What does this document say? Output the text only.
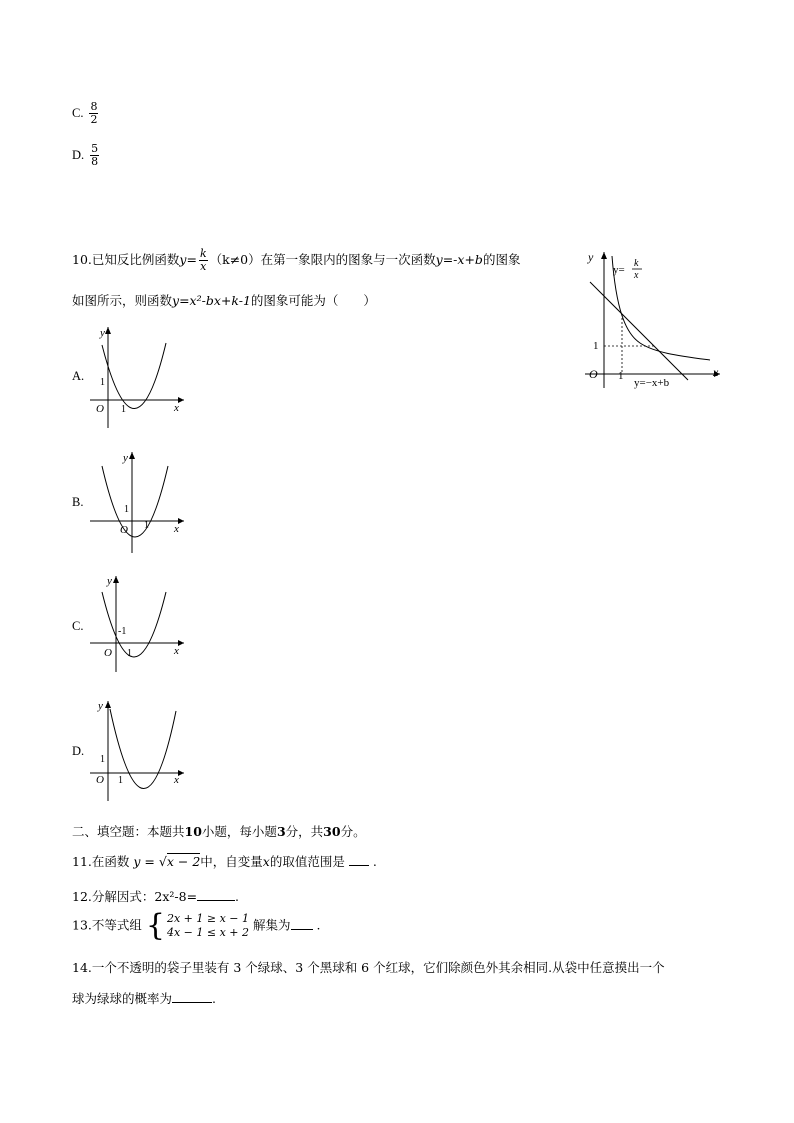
C. $\frac{8}{2}$
D. $\frac{5}{8}$
10.已知反比例函数$y= \frac{k}{x} (k\ne 0)$在第一象限内的图象与一次函数y=-x+b的图象
如图所示，则函数y=x²-bx+k-1的图象可能为（　　）
y
x
O 1
1
y=
k
x
y=−x+b
A.
y
x
O
1
1
B.
y
x
O
1
1
C.
y
x
O
-1
1
D.
y
x
O
1
1
二、填空题：本题共10小题，每小题3分，共30分。
11.在函数 y = √x − 2中，自变量x的取值范围是 .
12.分解因式：2x²-8=	.
13.不等式组 { 2x + 1 ≥ x − 1
4x − 1 ≤ x + 2 解集为 .
14.一个不透明的袋子里装有 3 个绿球、3 个黑球和 6 个红球，它们除颜色外其余相同.从袋中任意摸出一个
球为绿球的概率为	.
